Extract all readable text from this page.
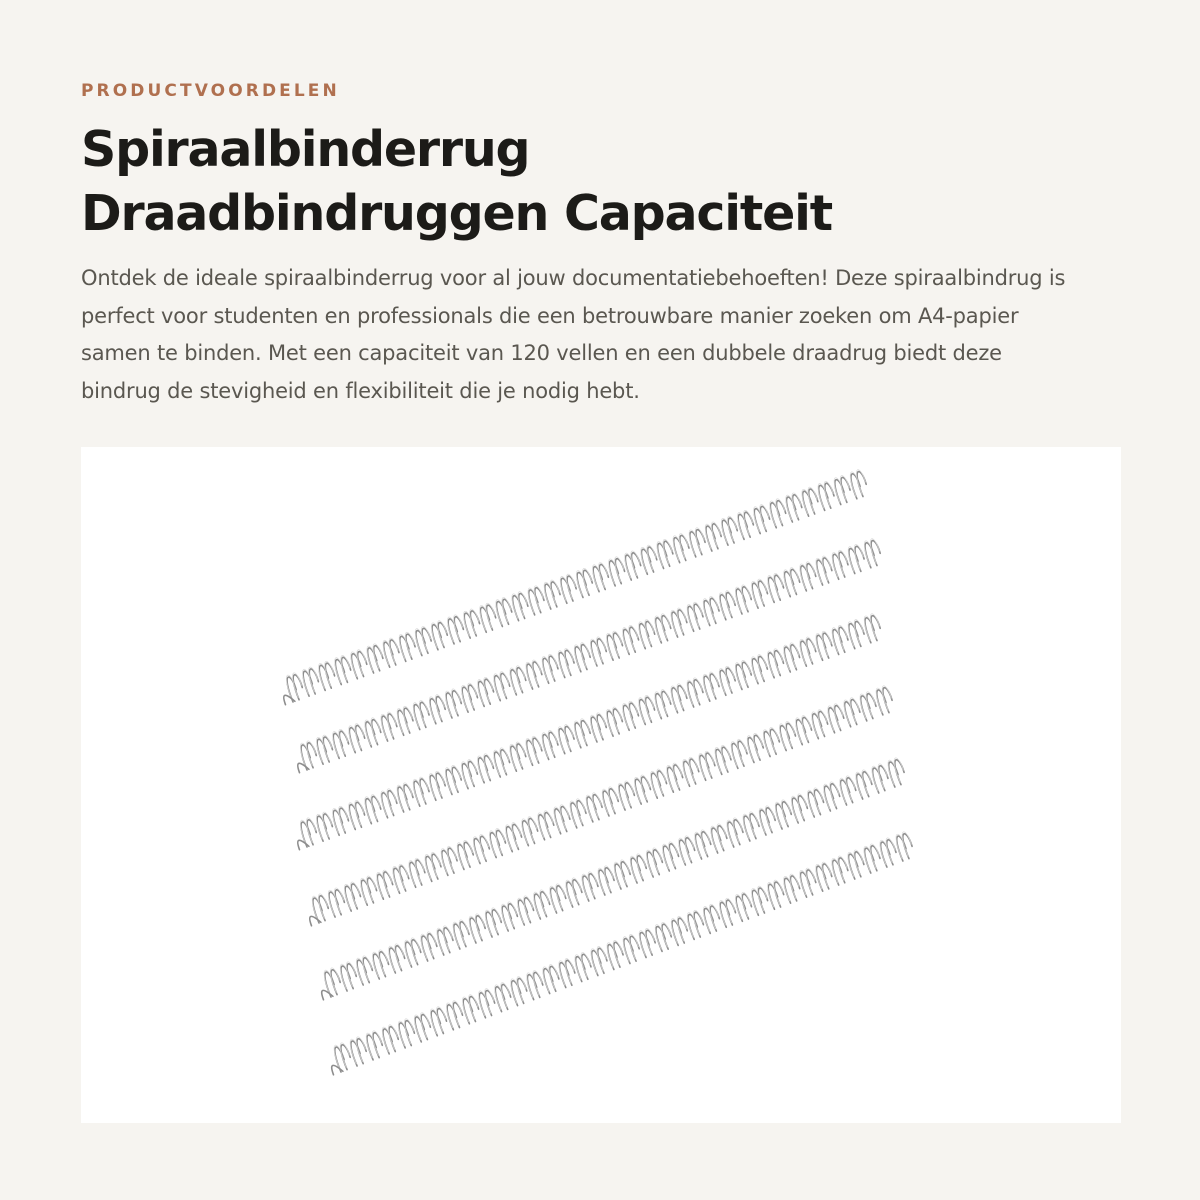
PRODUCTVOORDELEN
Spiraalbinderrug
Draadbindruggen Capaciteit

Ontdek de ideale spiraalbinderrug voor al jouw documentatiebehoeften! Deze spiraalbindrug is perfect voor studenten en professionals die een betrouwbare manier zoeken om A4-papier samen te binden. Met een capaciteit van 120 vellen en een dubbele draadrug biedt deze bindrug de stevigheid en flexibiliteit die je nodig hebt.
